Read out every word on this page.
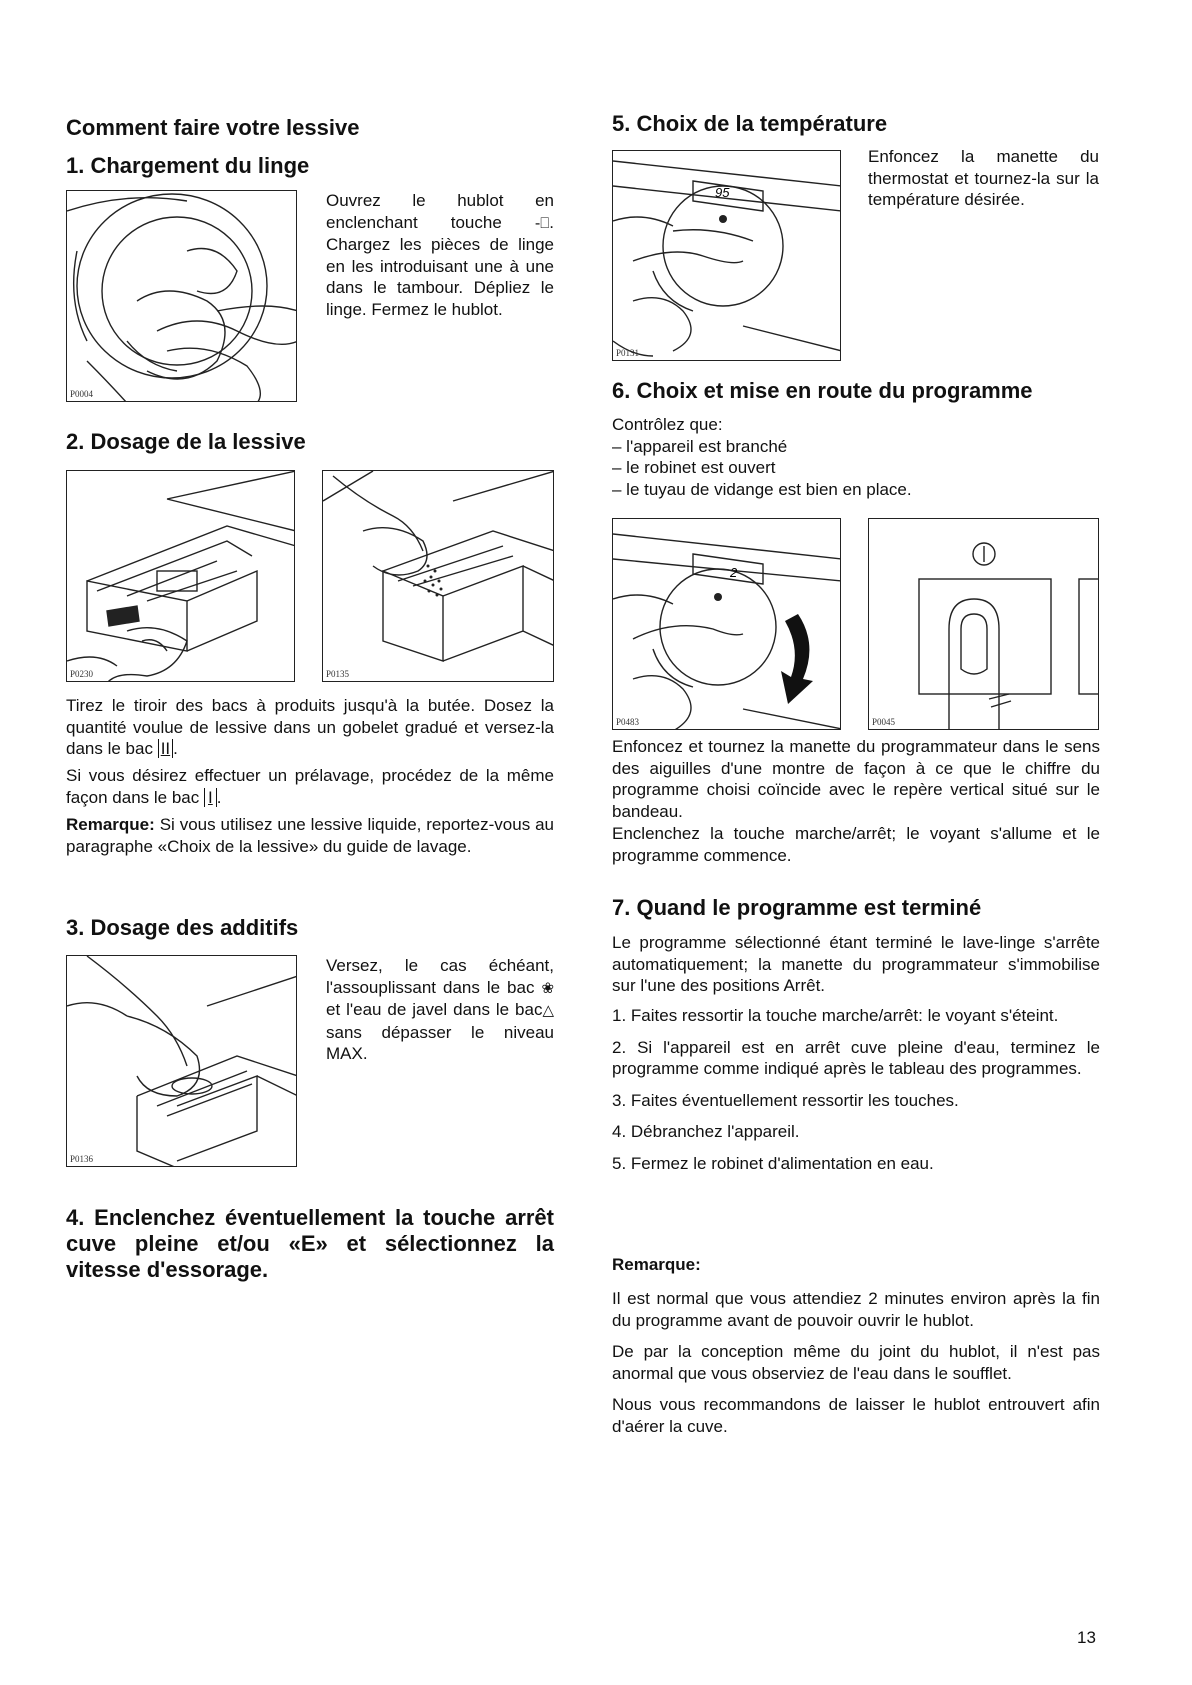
Comment faire votre lessive
1. Chargement du linge
P0004

Ouvrez le hublot en enclenchant touche -⎕. Chargez les pièces de linge en les introduisant une à une dans le tambour. Dépliez le linge. Fermez le hublot.

2. Dosage de la lessive
P0230	P0135

Tirez le tiroir des bacs à produits jusqu'à la butée. Dosez la quantité voulue de lessive dans un gobelet gradué et versez-la dans le bac II .

Si vous désirez effectuer un prélavage, procédez de la même façon dans le bac I .

Remarque: Si vous utilisez une lessive liquide, reportez-vous au paragraphe «Choix de la lessive» du guide de lavage.

3. Dosage des additifs
P0136

Versez, le cas échéant, l'assouplissant dans le bac ❀ et l'eau de javel dans le bac△ sans dépasser le niveau MAX.

4. Enclenchez éventuellement la touche arrêt cuve pleine et/ou «E» et sélectionnez la vitesse d'essorage.
5. Choix de la température
95
P0131

Enfoncez la manette du thermostat et tournez-la sur la température désirée.

6. Choix et mise en route du programme

Contrôlez que:

– l'appareil est branché

– le robinet est ouvert

– le tuyau de vidange est bien en place.

2
P0483	P0045

Enfoncez et tournez la manette du programmateur dans le sens des aiguilles d'une montre de façon à ce que le chiffre du programme choisi coïncide avec le repère vertical situé sur le bandeau.

Enclenchez la touche marche/arrêt; le voyant s'allume et le programme commence.

7. Quand le programme est terminé

Le programme sélectionné étant terminé le lave-linge s'arrête automatiquement; la manette du programmateur s'immobilise sur l'une des positions Arrêt.

1. Faites ressortir la touche marche/arrêt: le voyant s'éteint.

2. Si l'appareil est en arrêt cuve pleine d'eau, terminez le programme comme indiqué après le tableau des programmes.

3. Faites éventuellement ressortir les touches.

4. Débranchez l'appareil.

5. Fermez le robinet d'alimentation en eau.

Remarque:

Il est normal que vous attendiez 2 minutes environ après la fin du programme avant de pouvoir ouvrir le hublot.

De par la conception même du joint du hublot, il n'est pas anormal que vous observiez de l'eau dans le soufflet.

Nous vous recommandons de laisser le hublot entrouvert afin d'aérer la cuve.

13
